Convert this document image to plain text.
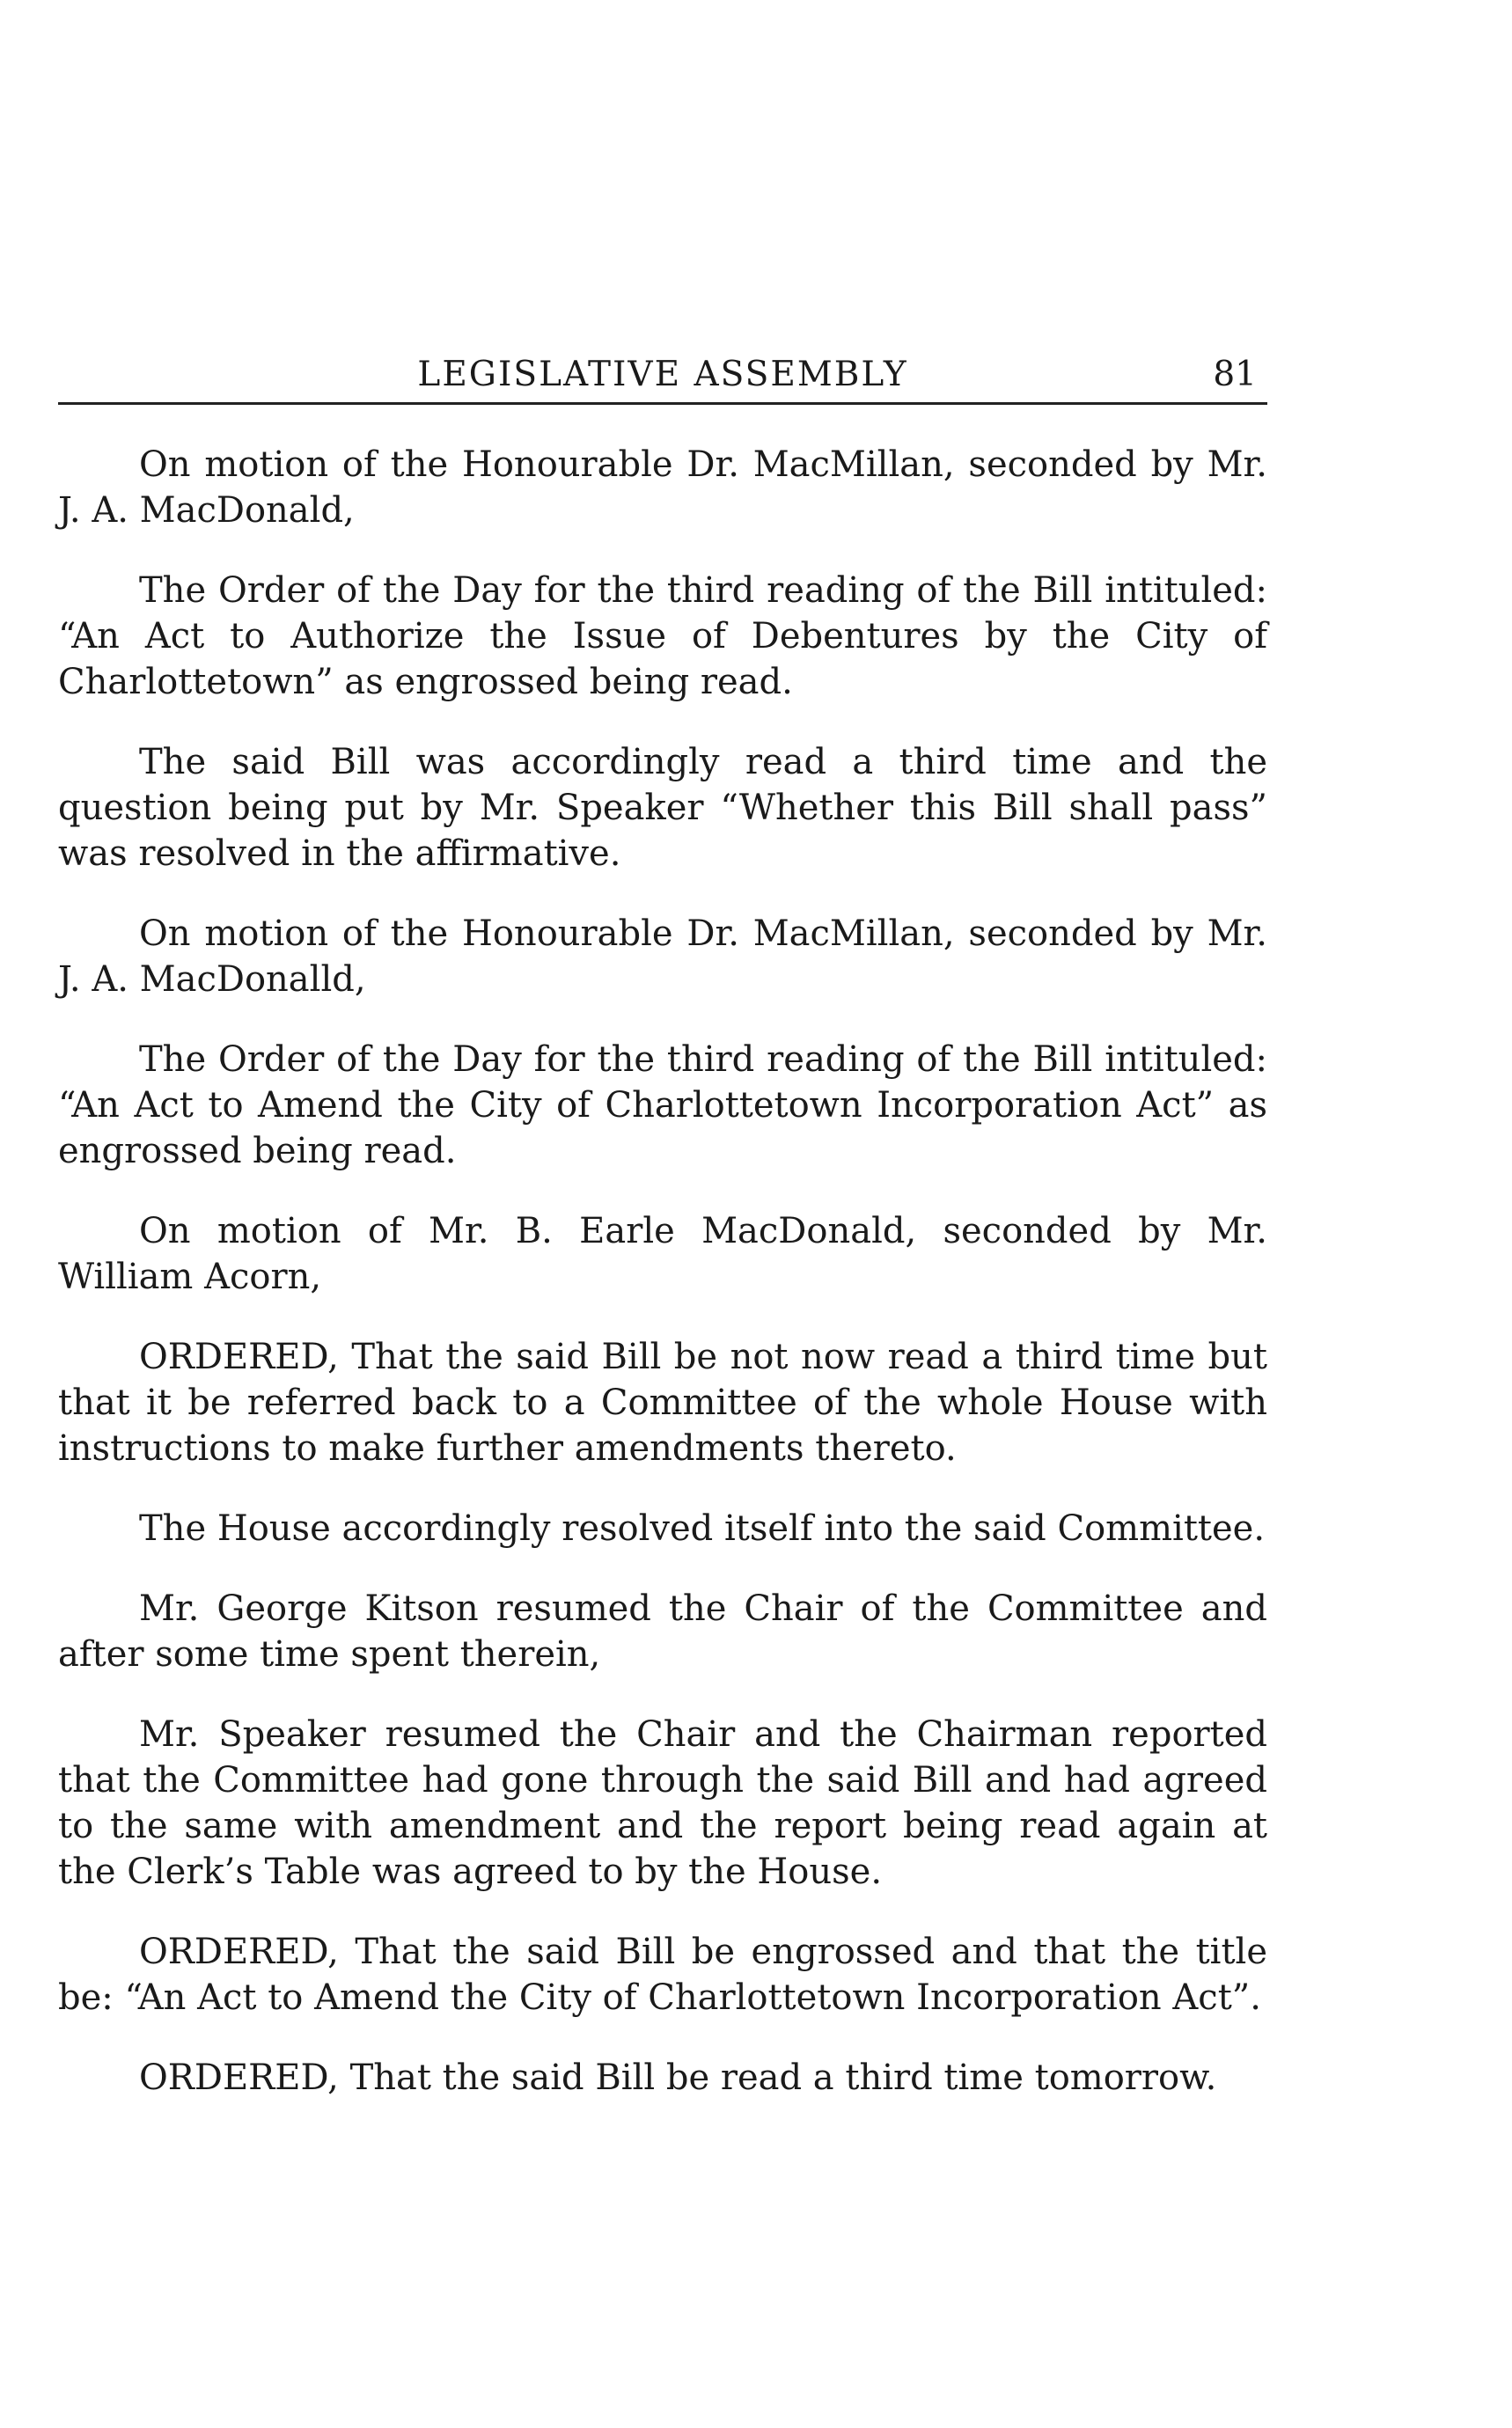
LEGISLATIVE ASSEMBLY	81

On motion of the Honourable Dr. MacMillan, seconded by Mr. J. A. MacDonald,

The Order of the Day for the third reading of the Bill intituled: “An Act to Authorize the Issue of Debentures by the City of Charlottetown” as engrossed being read.

The said Bill was accordingly read a third time and the question being put by Mr. Speaker “Whether this Bill shall pass” was resolved in the affirmative.

On motion of the Honourable Dr. MacMillan, seconded by Mr. J. A. MacDonalld,

The Order of the Day for the third reading of the Bill intituled: “An Act to Amend the City of Charlottetown Incorporation Act” as engrossed being read.

On motion of Mr. B. Earle MacDonald, seconded by Mr. William Acorn,

ORDERED, That the said Bill be not now read a third time but that it be referred back to a Committee of the whole House with instructions to make further amendments thereto.

The House accordingly resolved itself into the said Committee.

Mr. George Kitson resumed the Chair of the Committee and after some time spent therein,

Mr. Speaker resumed the Chair and the Chairman reported that the Committee had gone through the said Bill and had agreed to the same with amendment and the report being read again at the Clerk’s Table was agreed to by the House.

ORDERED, That the said Bill be engrossed and that the title be: “An Act to Amend the City of Charlottetown Incorporation Act”.

ORDERED, That the said Bill be read a third time tomorrow.
